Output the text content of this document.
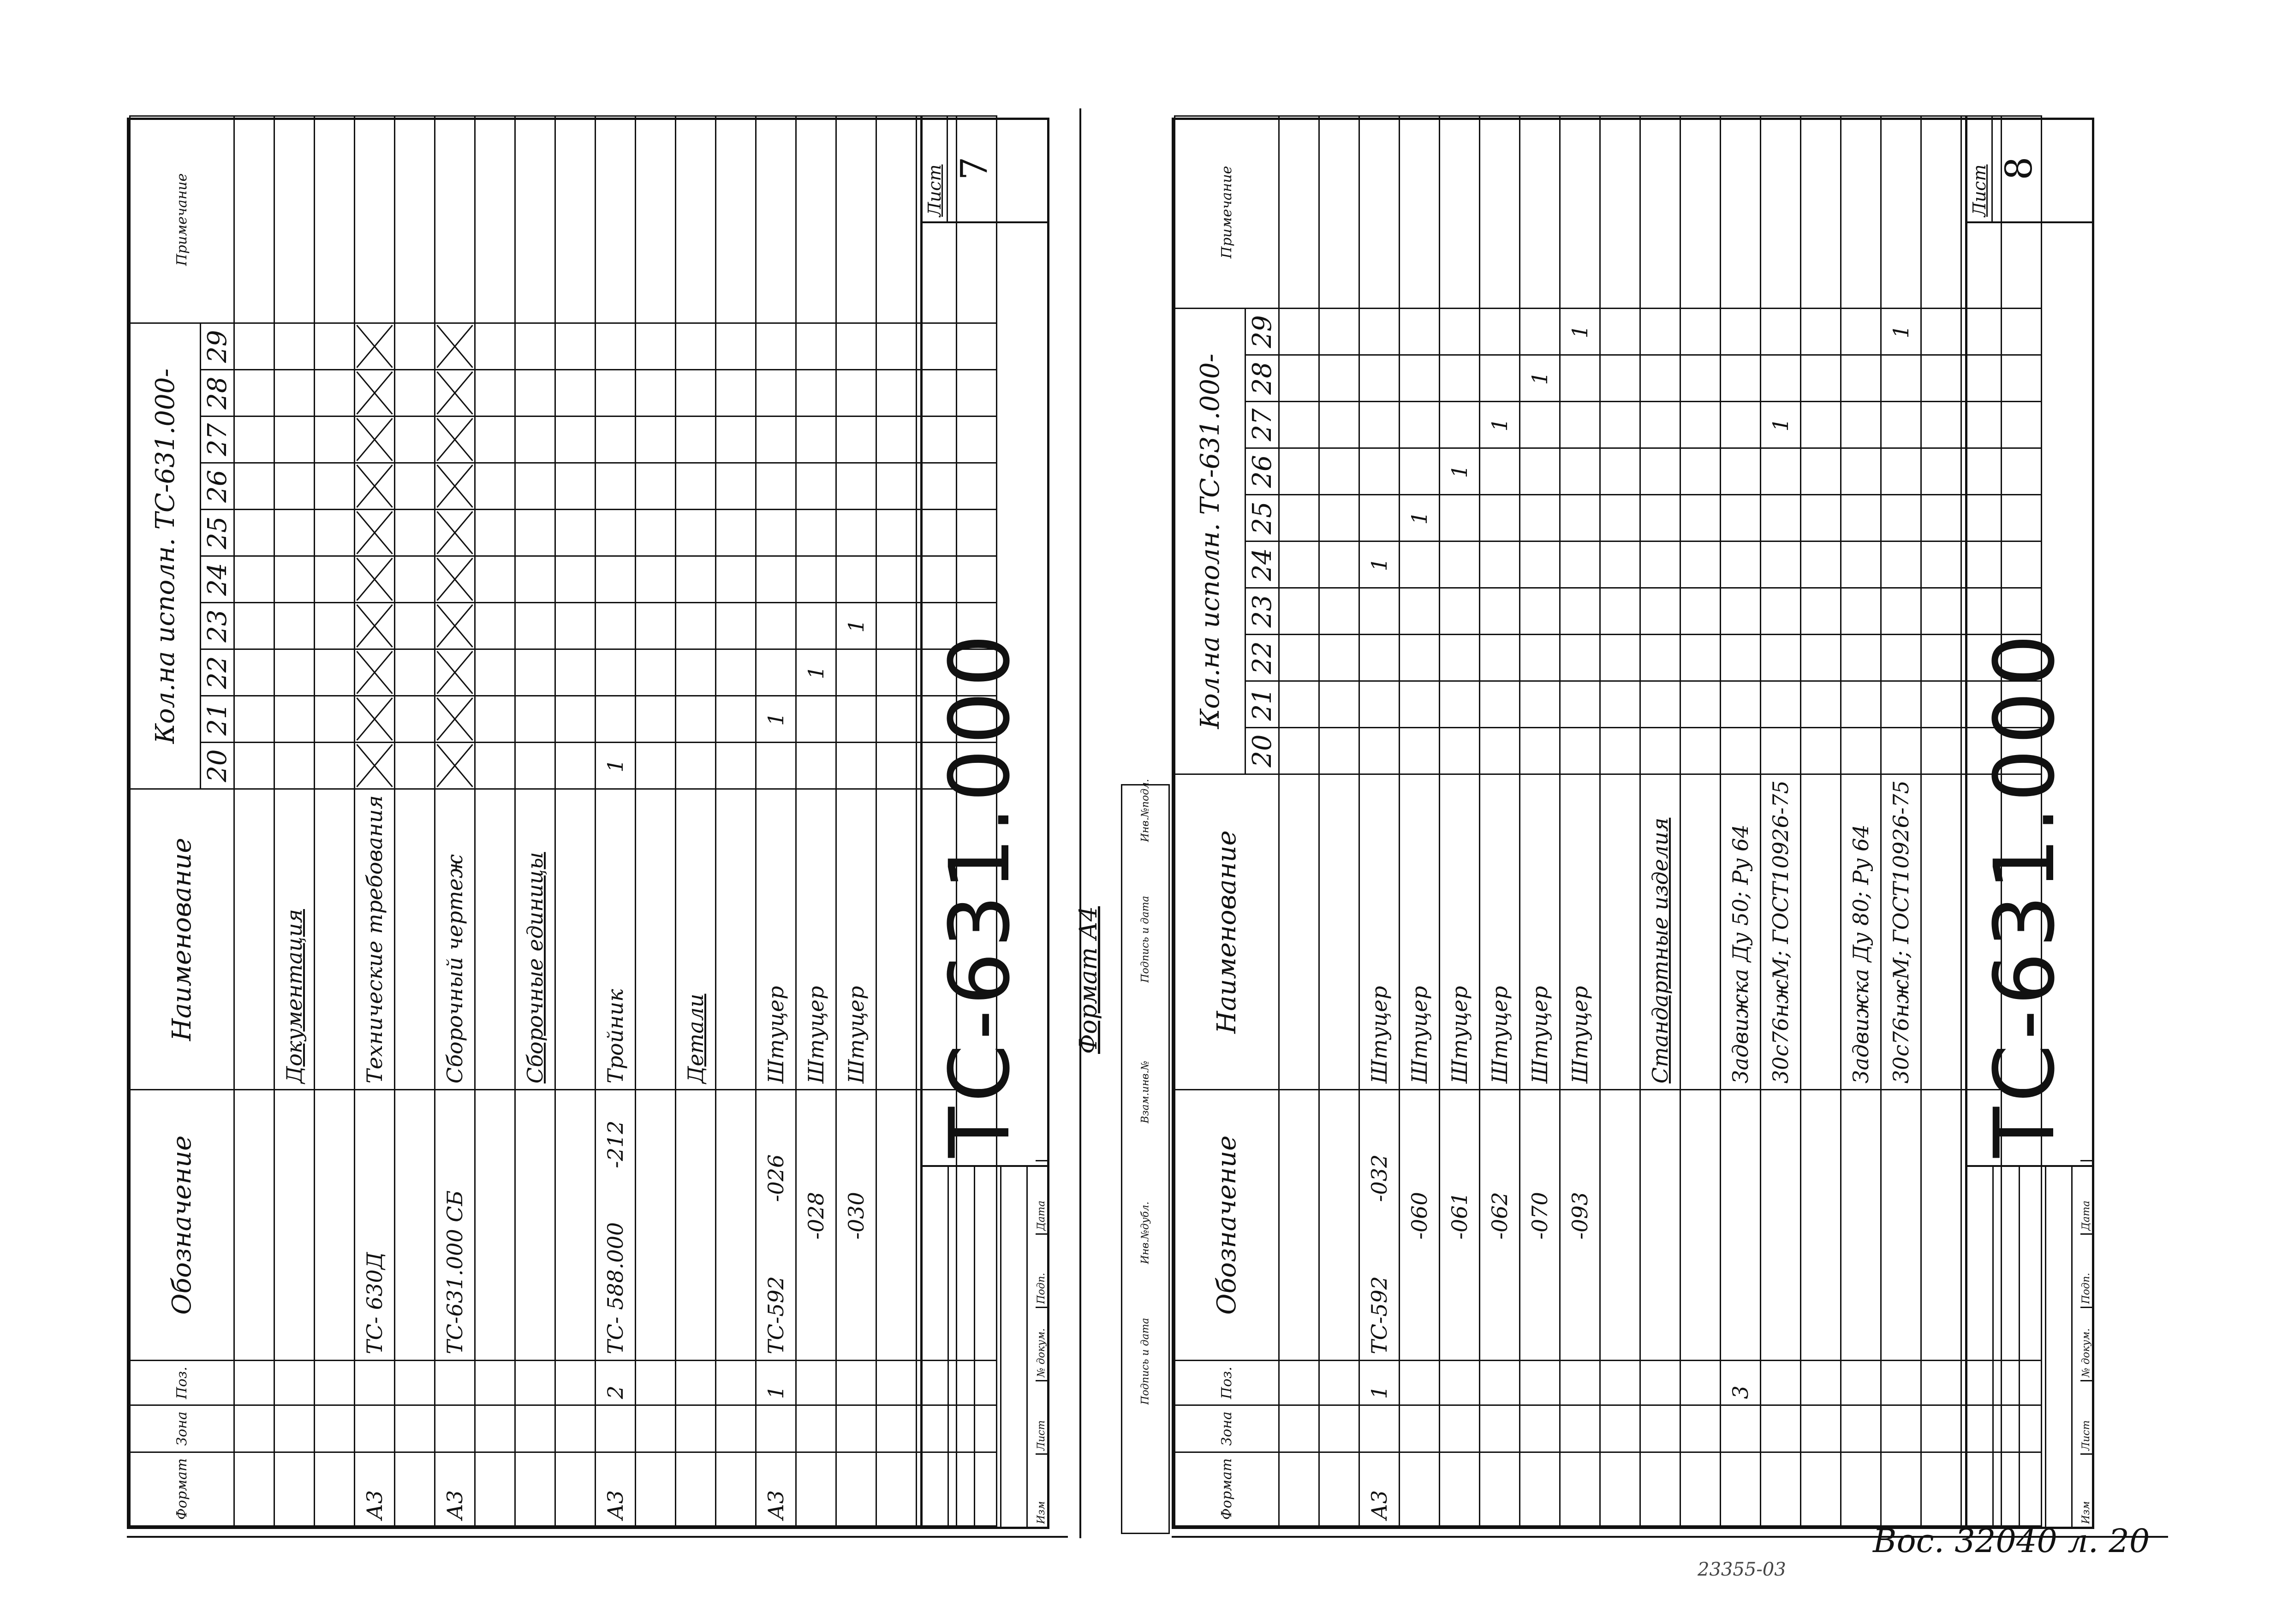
Формат	Зона	Поз.	Обозначение	Наименование	Кол.на исполн. ТС-631.000-										Примечание
					20	21	22	23	24	25	26	27	28	29	

				Документация											

А3			ТС- 630Д	Технические требования											

А3			ТС-631.000 СБ	Сборочный чертеж											

				Сборочные единицы											

А3		2	ТС- 588.000        -212	Тройник	1										

				Детали											

А3		1	ТС-592           -026	Штуцер		1									
			-028	Штуцер			1								
			-030	Штуцер				1							

Изм
Лист
№ докум.
Подп.
Дата
ТС-631.000
Лист 7
Формат	Зона	Поз.	Обозначение	Наименование	Кол.на исполн. ТС-631.000-										Примечание
					20	21	22	23	24	25	26	27	28	29	

А3		1	ТС-592           -032	Штуцер					1						
			-060	Штуцер						1					
			-061	Штуцер							1				
			-062	Штуцер								1			
			-070	Штуцер									1		
			-093	Штуцер										1	

				Стандартные изделия											

		3		Задвижка Ду 50; Ру 64											
				30с76нжМ; ГОСТ10926-75								1			

				Задвижка Ду 80; Ру 64											
				30с76нжМ; ГОСТ10926-75										1	

Изм
Лист
№ докум.
Подп.
Дата
ТС-631.000
Лист 8
Инв.№подл.
Подпись и дата
Взам.инв.№
Инв.№дубл.
Подпись и дата
Формат А4
Вос. 32040 л. 20
23355-03
